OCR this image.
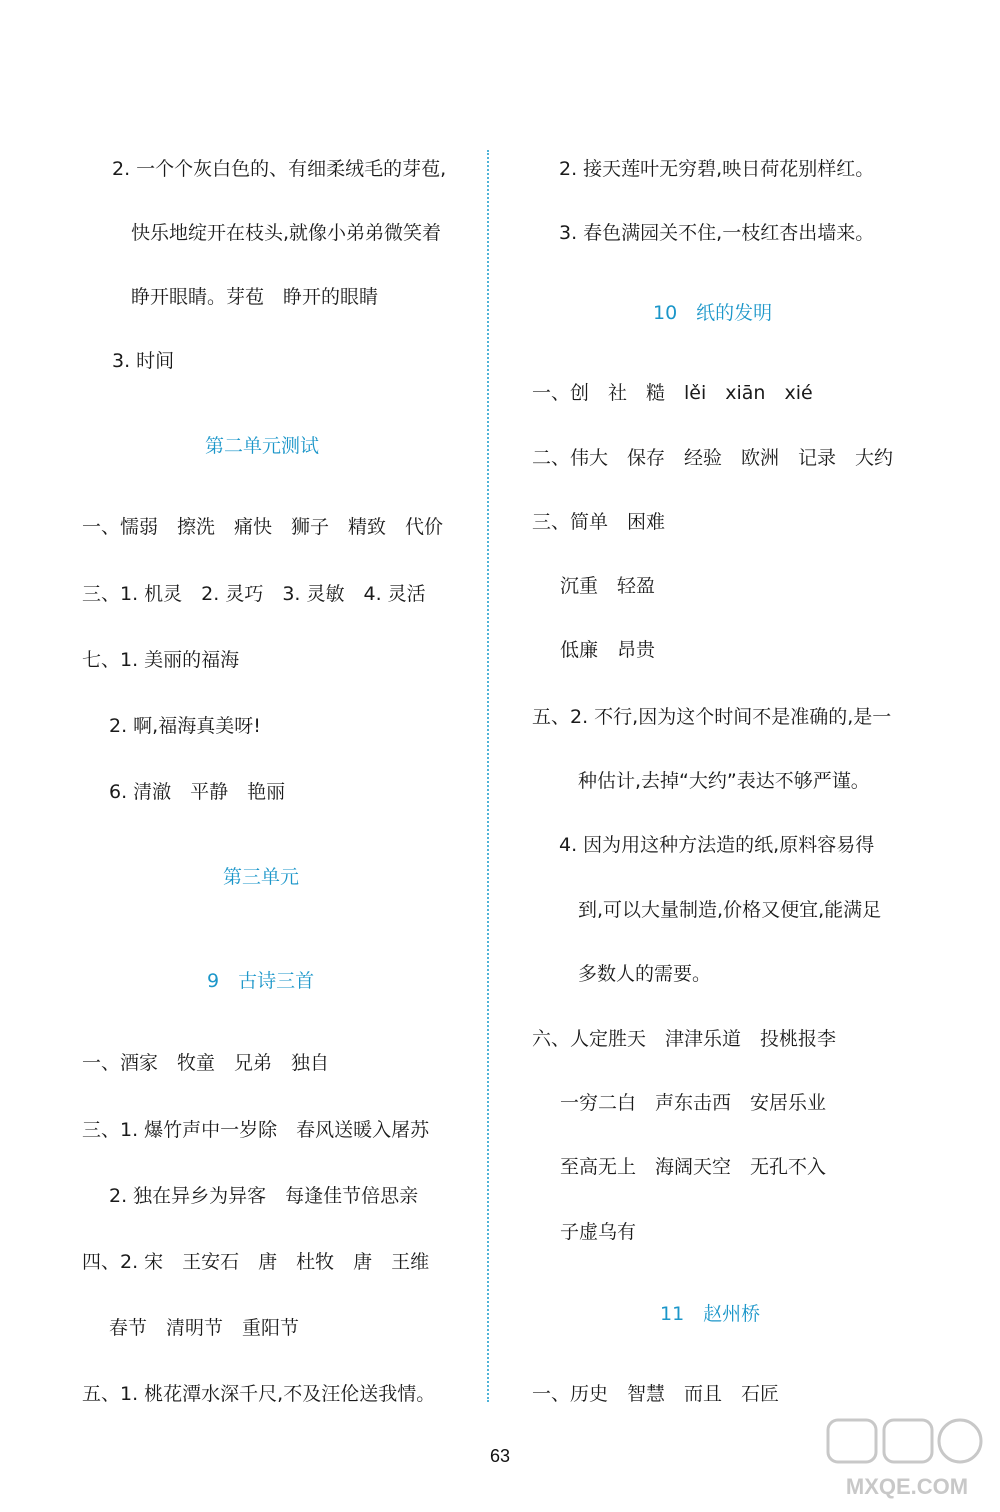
2. 一个个灰白色的、有细柔绒毛的芽苞,
快乐地绽开在枝头,就像小弟弟微笑着
睁开眼睛。芽苞　睁开的眼睛
3. 时间
第二单元测试
一、懦弱　擦洗　痛快　狮子　精致　代价
三、1. 机灵　2. 灵巧　3. 灵敏　4. 灵活
七、1. 美丽的福海
2. 啊,福海真美呀!
6. 清澈　平静　艳丽
第三单元
9　古诗三首
一、酒家　牧童　兄弟　独自
三、1. 爆竹声中一岁除　春风送暖入屠苏
2. 独在异乡为异客　每逢佳节倍思亲
四、2. 宋　王安石　唐　杜牧　唐　王维
春节　清明节　重阳节
五、1. 桃花潭水深千尺,不及汪伦送我情。
2. 接天莲叶无穷碧,映日荷花别样红。
3. 春色满园关不住,一枝红杏出墙来。
10　纸的发明
一、创　社　糙　lěi　xiān　xié
二、伟大　保存　经验　欧洲　记录　大约
三、简单　困难
沉重　轻盈
低廉　昂贵
五、2. 不行,因为这个时间不是准确的,是一
种估计,去掉“大约”表达不够严谨。
4. 因为用这种方法造的纸,原料容易得
到,可以大量制造,价格又便宜,能满足
多数人的需要。
六、人定胜天　津津乐道　投桃报李
一穷二白　声东击西　安居乐业
至高无上　海阔天空　无孔不入
子虚乌有
11　赵州桥
一、历史　智慧　而且　石匠
63
MXQE.COM
